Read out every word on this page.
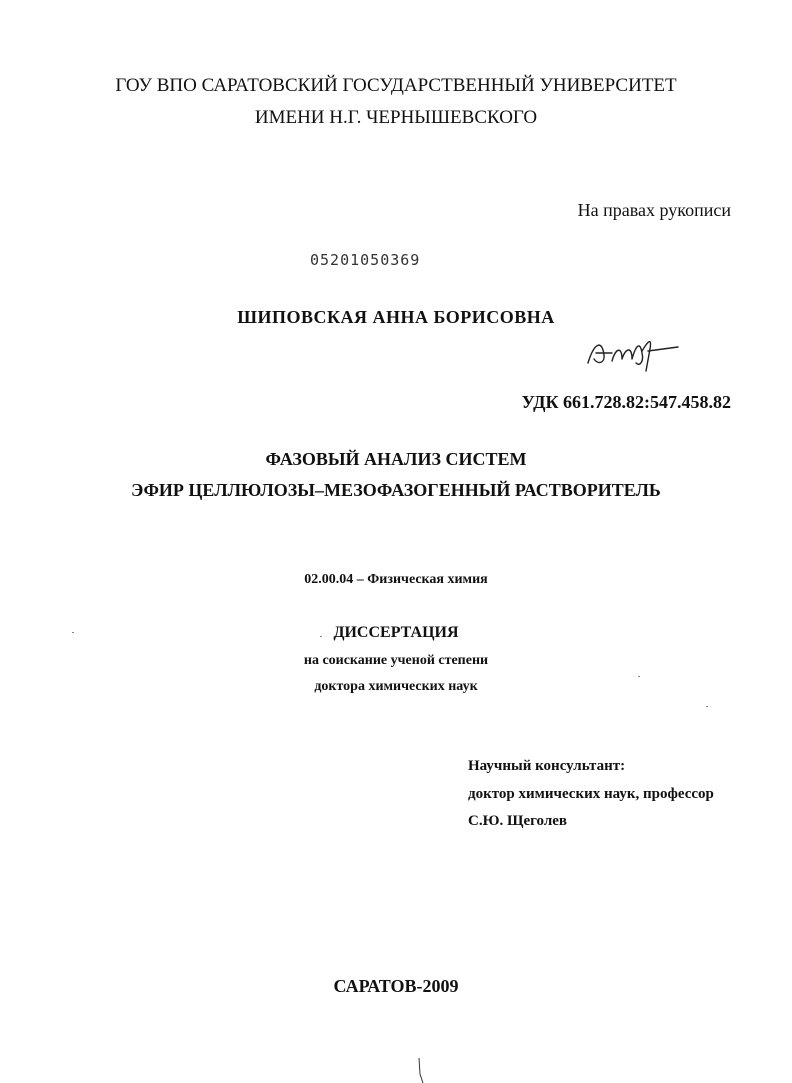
ГОУ ВПО САРАТОВСКИЙ ГОСУДАРСТВЕННЫЙ УНИВЕРСИТЕТ
ИМЕНИ Н.Г. ЧЕРНЫШЕВСКОГО
На правах рукописи
05201050369
ШИПОВСКАЯ АННА БОРИСОВНА
УДК 661.728.82:547.458.82
ФАЗОВЫЙ АНАЛИЗ СИСТЕМ
ЭФИР ЦЕЛЛЮЛОЗЫ–МЕЗОФАЗОГЕННЫЙ РАСТВОРИТЕЛЬ
02.00.04 – Физическая химия
ДИССЕРТАЦИЯ
на соискание ученой степени
доктора химических наук
Научный консультант:
доктор химических наук, профессор
С.Ю. Щеголев
САРАТОВ-2009
